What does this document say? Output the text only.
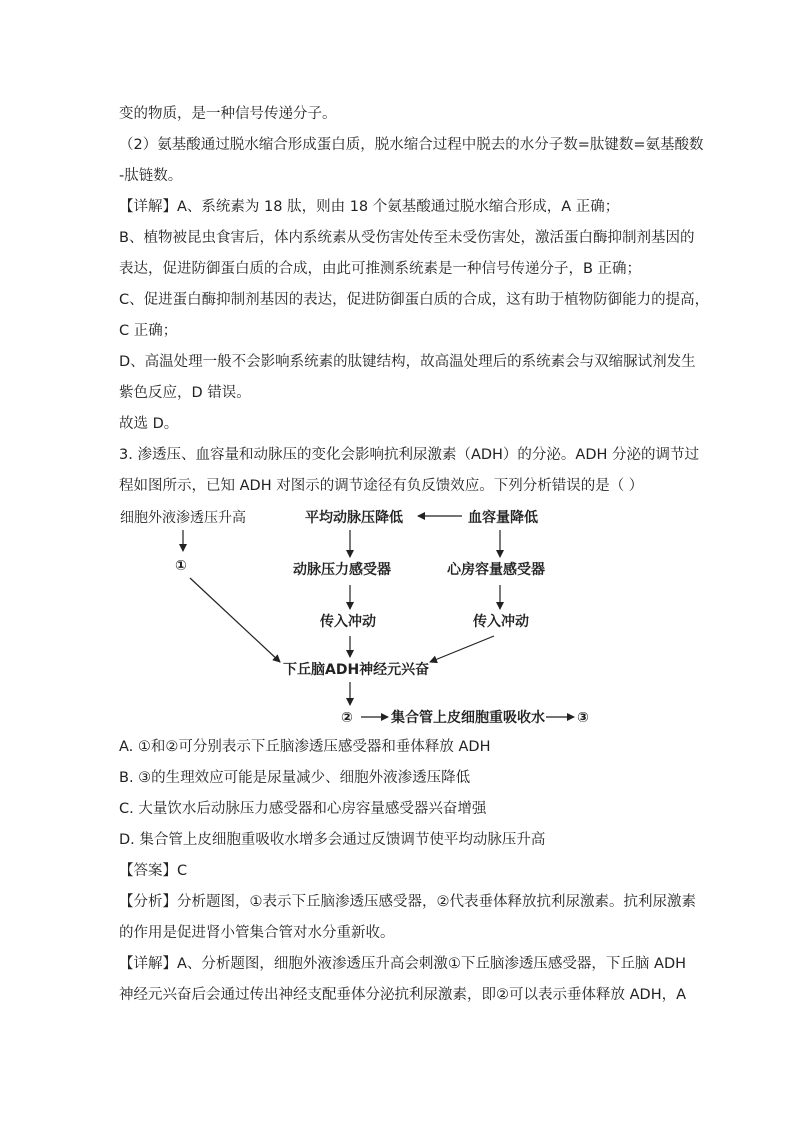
变的物质，是一种信号传递分子。
（2）氨基酸通过脱水缩合形成蛋白质，脱水缩合过程中脱去的水分子数=肽键数=氨基酸数
-肽链数。
【详解】A、系统素为 18 肽，则由 18 个氨基酸通过脱水缩合形成，A 正确；
B、植物被昆虫食害后，体内系统素从受伤害处传至未受伤害处，激活蛋白酶抑制剂基因的
表达，促进防御蛋白质的合成，由此可推测系统素是一种信号传递分子，B 正确；
C、促进蛋白酶抑制剂基因的表达，促进防御蛋白质的合成，这有助于植物防御能力的提高，
C 正确；
D、高温处理一般不会影响系统素的肽键结构，故高温处理后的系统素会与双缩脲试剂发生
紫色反应，D 错误。
故选 D。
3. 渗透压、血容量和动脉压的变化会影响抗利尿激素（ADH）的分泌。ADH 分泌的调节过
程如图所示，已知 ADH 对图示的调节途径有负反馈效应。下列分析错误的是（ ）
细胞外液渗透压升高	平均动脉压降低	血容量降低
①	动脉压力感受器	心房容量感受器
传入冲动	传入冲动
下丘脑ADH神经元兴奋
②	集合管上皮细胞重吸收水 ③
A. ①和②可分别表示下丘脑渗透压感受器和垂体释放 ADH
B. ③的生理效应可能是尿量减少、细胞外液渗透压降低
C. 大量饮水后动脉压力感受器和心房容量感受器兴奋增强
D. 集合管上皮细胞重吸收水增多会通过反馈调节使平均动脉压升高
【答案】C
【分析】分析题图，①表示下丘脑渗透压感受器，②代表垂体释放抗利尿激素。抗利尿激素
的作用是促进肾小管集合管对水分重新收。
【详解】A、分析题图，细胞外液渗透压升高会刺激①下丘脑渗透压感受器，下丘脑 ADH
神经元兴奋后会通过传出神经支配垂体分泌抗利尿激素，即②可以表示垂体释放 ADH，A
